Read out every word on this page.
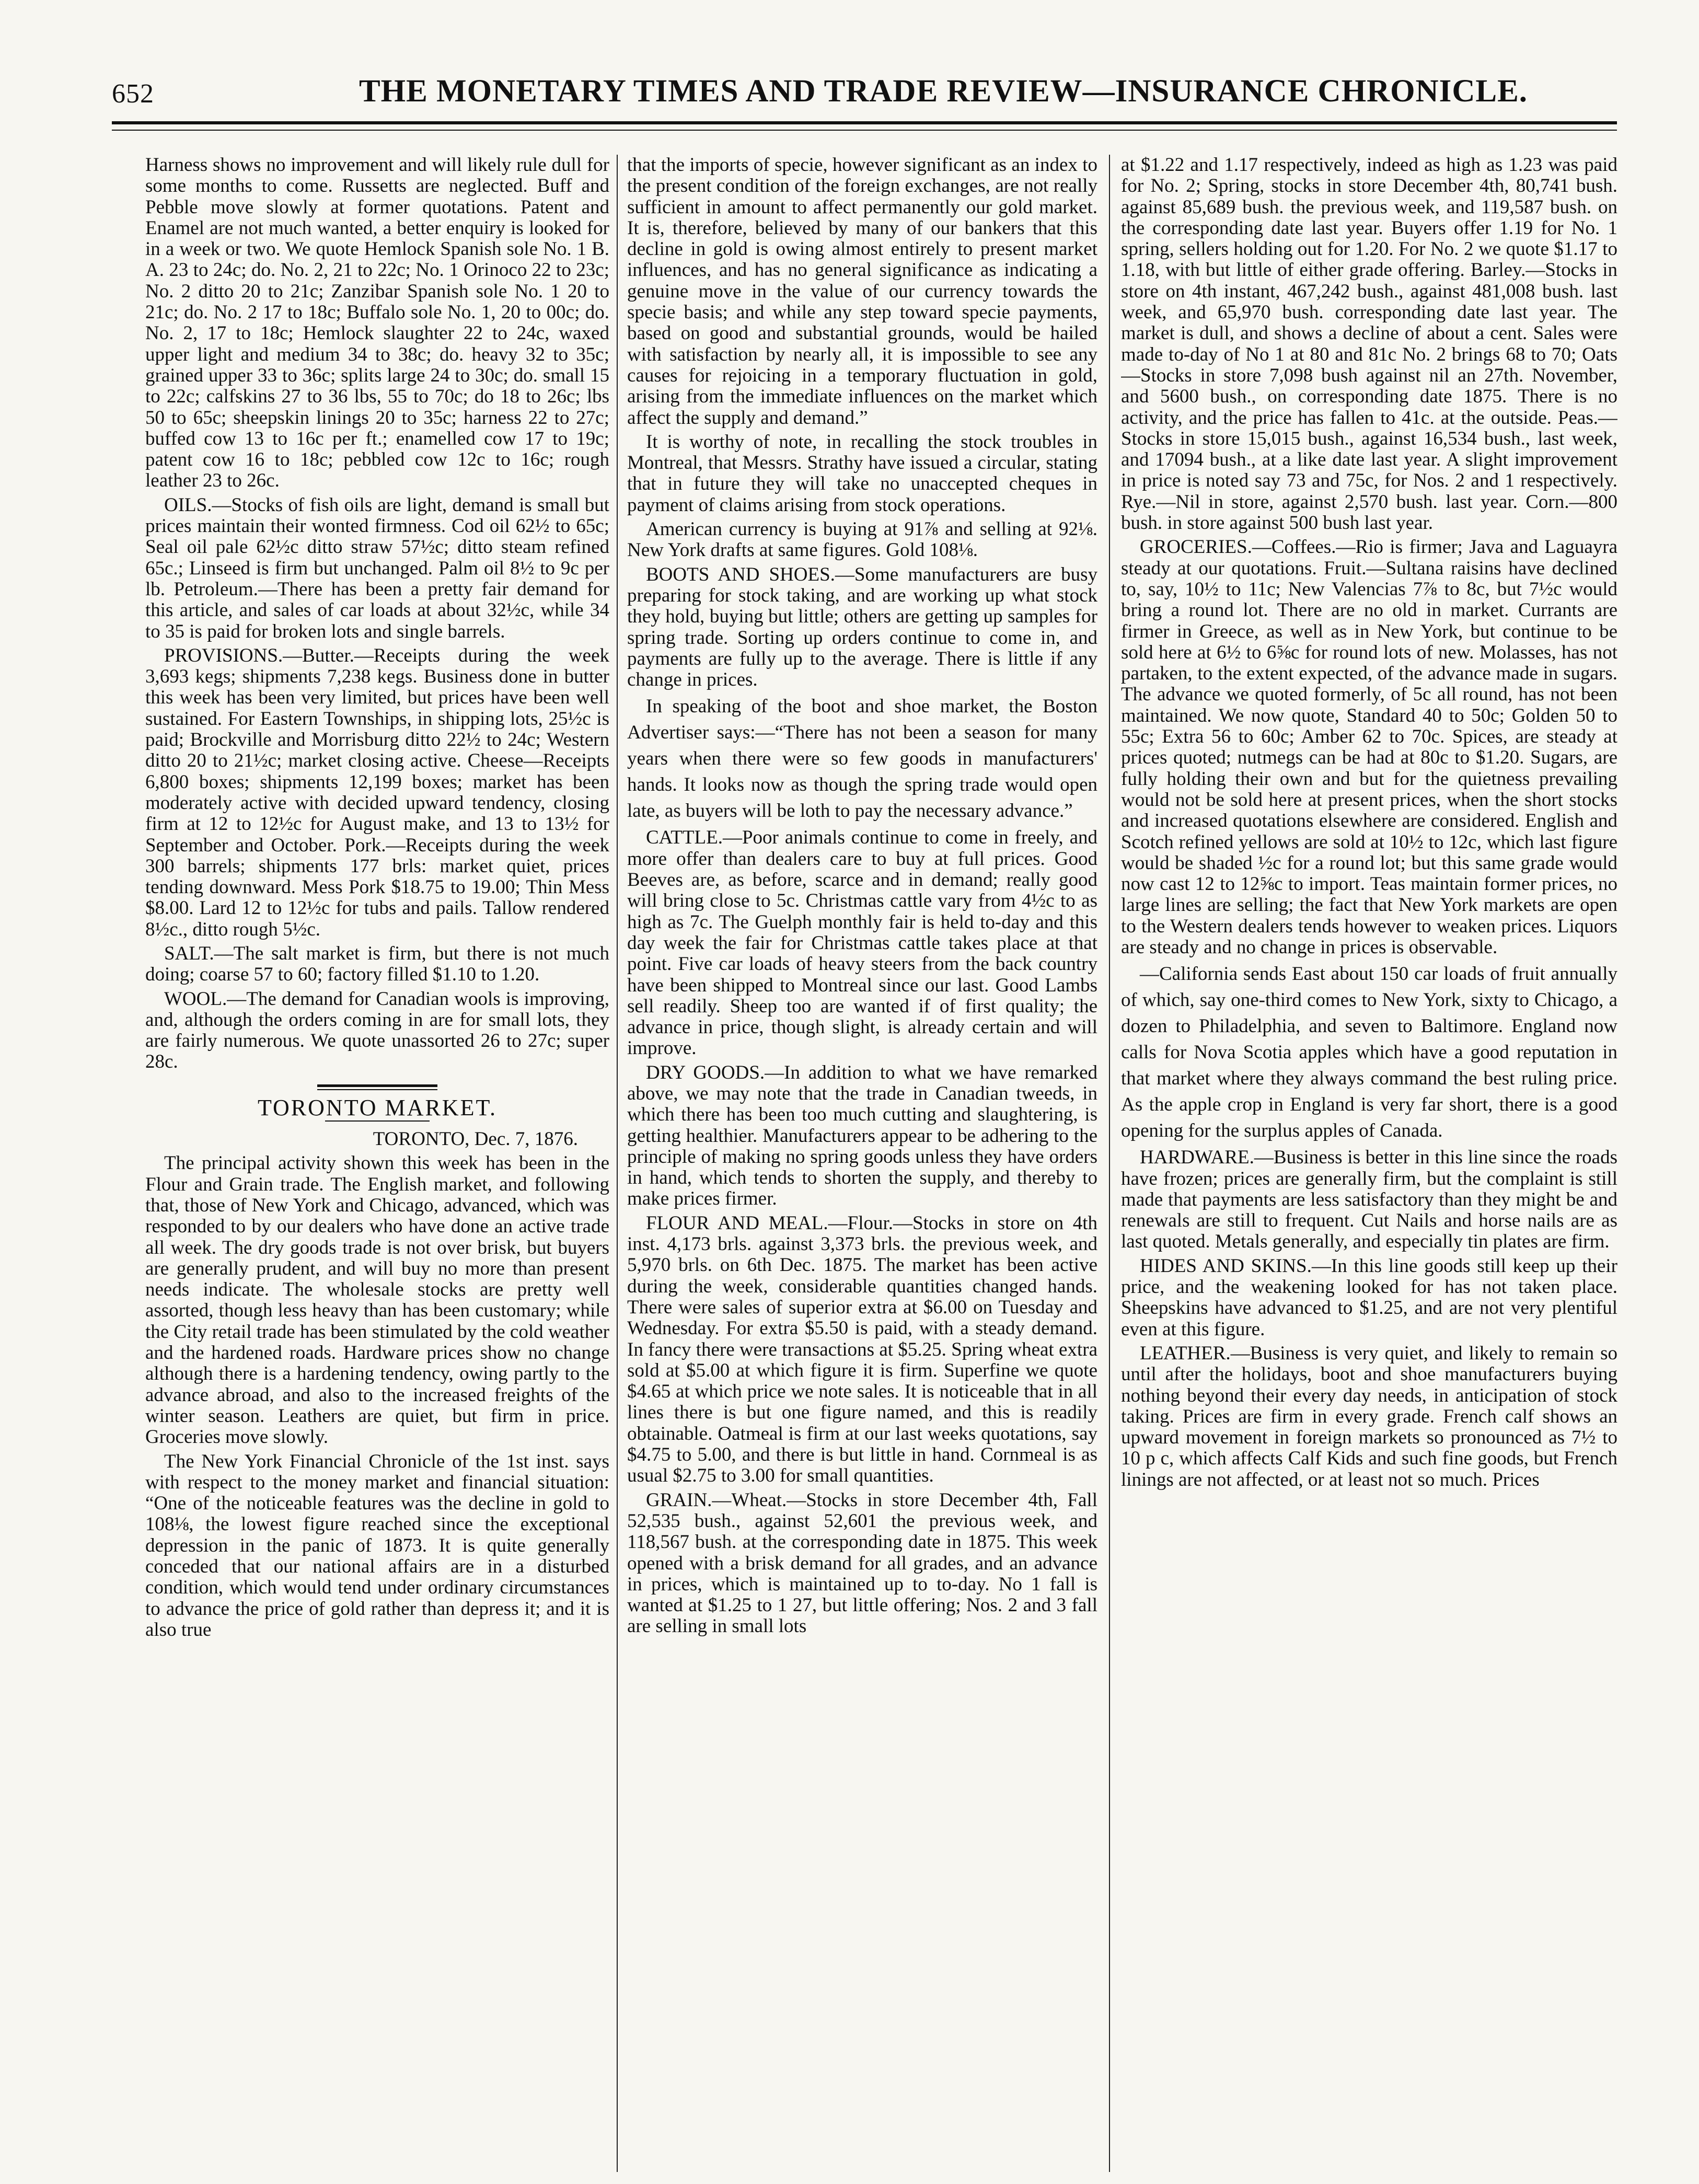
652	THE MONETARY TIMES AND TRADE REVIEW—INSURANCE CHRONICLE.

Harness shows no improvement and will likely rule dull for some months to come. Russetts are neglected. Buff and Pebble move slowly at former quotations. Patent and Enamel are not much wanted, a better enquiry is looked for in a week or two. We quote Hemlock Spanish sole No. 1 B. A. 23 to 24c; do. No. 2, 21 to 22c; No. 1 Orinoco 22 to 23c; No. 2 ditto 20 to 21c; Zanzibar Spanish sole No. 1 20 to 21c; do. No. 2 17 to 18c; Buffalo sole No. 1, 20 to 00c; do. No. 2, 17 to 18c; Hemlock slaughter 22 to 24c, waxed upper light and medium 34 to 38c; do. heavy 32 to 35c; grained upper 33 to 36c; splits large 24 to 30c; do. small 15 to 22c; calfskins 27 to 36 lbs, 55 to 70c; do 18 to 26c; lbs 50 to 65c; sheepskin linings 20 to 35c; harness 22 to 27c; buffed cow 13 to 16c per ft.; enamelled cow 17 to 19c; patent cow 16 to 18c; pebbled cow 12c to 16c; rough leather 23 to 26c.

OILS.—Stocks of fish oils are light, demand is small but prices maintain their wonted firmness. Cod oil 62½ to 65c; Seal oil pale 62½c ditto straw 57½c; ditto steam refined 65c.; Linseed is firm but unchanged. Palm oil 8½ to 9c per lb. Petroleum.—There has been a pretty fair demand for this article, and sales of car loads at about 32½c, while 34 to 35 is paid for broken lots and single barrels.

PROVISIONS.—Butter.—Receipts during the week 3,693 kegs; shipments 7,238 kegs. Business done in butter this week has been very limited, but prices have been well sustained. For Eastern Townships, in shipping lots, 25½c is paid; Brockville and Morrisburg ditto 22½ to 24c; Western ditto 20 to 21½c; market closing active. Cheese—Receipts 6,800 boxes; shipments 12,199 boxes; market has been moderately active with decided upward tendency, closing firm at 12 to 12½c for August make, and 13 to 13½ for September and October. Pork.—Receipts during the week 300 barrels; shipments 177 brls: market quiet, prices tending downward. Mess Pork $18.75 to 19.00; Thin Mess $8.00. Lard 12 to 12½c for tubs and pails. Tallow rendered 8½c., ditto rough 5½c.

SALT.—The salt market is firm, but there is not much doing; coarse 57 to 60; factory filled $1.10 to 1.20.

WOOL.—The demand for Canadian wools is improving, and, although the orders coming in are for small lots, they are fairly numerous. We quote unassorted 26 to 27c; super 28c.

TORONTO MARKET.
TORONTO, Dec. 7, 1876.

The principal activity shown this week has been in the Flour and Grain trade. The English market, and following that, those of New York and Chicago, advanced, which was responded to by our dealers who have done an active trade all week. The dry goods trade is not over brisk, but buyers are generally prudent, and will buy no more than present needs indicate. The wholesale stocks are pretty well assorted, though less heavy than has been customary; while the City retail trade has been stimulated by the cold weather and the hardened roads. Hardware prices show no change although there is a hardening tendency, owing partly to the advance abroad, and also to the increased freights of the winter season. Leathers are quiet, but firm in price. Groceries move slowly.

The New York Financial Chronicle of the 1st inst. says with respect to the money market and financial situation: “One of the noticeable features was the decline in gold to 108⅛, the lowest figure reached since the exceptional depression in the panic of 1873. It is quite generally conceded that our national affairs are in a disturbed condition, which would tend under ordinary circumstances to advance the price of gold rather than depress it; and it is also true

that the imports of specie, however significant as an index to the present condition of the foreign exchanges, are not really sufficient in amount to affect permanently our gold market. It is, therefore, believed by many of our bankers that this decline in gold is owing almost entirely to present market influences, and has no general significance as indicating a genuine move in the value of our currency towards the specie basis; and while any step toward specie payments, based on good and substantial grounds, would be hailed with satisfaction by nearly all, it is impossible to see any causes for rejoicing in a temporary fluctuation in gold, arising from the immediate influences on the market which affect the supply and demand.”

It is worthy of note, in recalling the stock troubles in Montreal, that Messrs. Strathy have issued a circular, stating that in future they will take no unaccepted cheques in payment of claims arising from stock operations.

American currency is buying at 91⅞ and selling at 92⅛. New York drafts at same figures. Gold 108⅛.

BOOTS AND SHOES.—Some manufacturers are busy preparing for stock taking, and are working up what stock they hold, buying but little; others are getting up samples for spring trade. Sorting up orders continue to come in, and payments are fully up to the average. There is little if any change in prices.

In speaking of the boot and shoe market, the Boston Advertiser says:—“There has not been a season for many years when there were so few goods in manufacturers' hands. It looks now as though the spring trade would open late, as buyers will be loth to pay the necessary advance.”

CATTLE.—Poor animals continue to come in freely, and more offer than dealers care to buy at full prices. Good Beeves are, as before, scarce and in demand; really good will bring close to 5c. Christmas cattle vary from 4½c to as high as 7c. The Guelph monthly fair is held to-day and this day week the fair for Christmas cattle takes place at that point. Five car loads of heavy steers from the back country have been shipped to Montreal since our last. Good Lambs sell readily. Sheep too are wanted if of first quality; the advance in price, though slight, is already certain and will improve.

DRY GOODS.—In addition to what we have remarked above, we may note that the trade in Canadian tweeds, in which there has been too much cutting and slaughtering, is getting healthier. Manufacturers appear to be adhering to the principle of making no spring goods unless they have orders in hand, which tends to shorten the supply, and thereby to make prices firmer.

FLOUR AND MEAL.—Flour.—Stocks in store on 4th inst. 4,173 brls. against 3,373 brls. the previous week, and 5,970 brls. on 6th Dec. 1875. The market has been active during the week, considerable quantities changed hands. There were sales of superior extra at $6.00 on Tuesday and Wednesday. For extra $5.50 is paid, with a steady demand. In fancy there were transactions at $5.25. Spring wheat extra sold at $5.00 at which figure it is firm. Superfine we quote $4.65 at which price we note sales. It is noticeable that in all lines there is but one figure named, and this is readily obtainable. Oatmeal is firm at our last weeks quotations, say $4.75 to 5.00, and there is but little in hand. Cornmeal is as usual $2.75 to 3.00 for small quantities.

GRAIN.—Wheat.—Stocks in store December 4th, Fall 52,535 bush., against 52,601 the previous week, and 118,567 bush. at the corresponding date in 1875. This week opened with a brisk demand for all grades, and an advance in prices, which is maintained up to to-day. No 1 fall is wanted at $1.25 to 1 27, but little offering; Nos. 2 and 3 fall are selling in small lots

at $1.22 and 1.17 respectively, indeed as high as 1.23 was paid for No. 2; Spring, stocks in store December 4th, 80,741 bush. against 85,689 bush. the previous week, and 119,587 bush. on the corresponding date last year. Buyers offer 1.19 for No. 1 spring, sellers holding out for 1.20. For No. 2 we quote $1.17 to 1.18, with but little of either grade offering. Barley.—Stocks in store on 4th instant, 467,242 bush., against 481,008 bush. last week, and 65,970 bush. corresponding date last year. The market is dull, and shows a decline of about a cent. Sales were made to-day of No 1 at 80 and 81c No. 2 brings 68 to 70; Oats—Stocks in store 7,098 bush against nil an 27th. November, and 5600 bush., on corresponding date 1875. There is no activity, and the price has fallen to 41c. at the outside. Peas.—Stocks in store 15,015 bush., against 16,534 bush., last week, and 17094 bush., at a like date last year. A slight improvement in price is noted say 73 and 75c, for Nos. 2 and 1 respectively. Rye.—Nil in store, against 2,570 bush. last year. Corn.—800 bush. in store against 500 bush last year.

GROCERIES.—Coffees.—Rio is firmer; Java and Laguayra steady at our quotations. Fruit.—Sultana raisins have declined to, say, 10½ to 11c; New Valencias 7⅞ to 8c, but 7½c would bring a round lot. There are no old in market. Currants are firmer in Greece, as well as in New York, but continue to be sold here at 6½ to 6⅝c for round lots of new. Molasses, has not partaken, to the extent expected, of the advance made in sugars. The advance we quoted formerly, of 5c all round, has not been maintained. We now quote, Standard 40 to 50c; Golden 50 to 55c; Extra 56 to 60c; Amber 62 to 70c. Spices, are steady at prices quoted; nutmegs can be had at 80c to $1.20. Sugars, are fully holding their own and but for the quietness prevailing would not be sold here at present prices, when the short stocks and increased quotations elsewhere are considered. English and Scotch refined yellows are sold at 10½ to 12c, which last figure would be shaded ½c for a round lot; but this same grade would now cast 12 to 12⅝c to import. Teas maintain former prices, no large lines are selling; the fact that New York markets are open to the Western dealers tends however to weaken prices. Liquors are steady and no change in prices is observable.

—California sends East about 150 car loads of fruit annually of which, say one-third comes to New York, sixty to Chicago, a dozen to Philadelphia, and seven to Baltimore. England now calls for Nova Scotia apples which have a good reputation in that market where they always command the best ruling price. As the apple crop in England is very far short, there is a good opening for the surplus apples of Canada.

HARDWARE.—Business is better in this line since the roads have frozen; prices are generally firm, but the complaint is still made that payments are less satisfactory than they might be and renewals are still to frequent. Cut Nails and horse nails are as last quoted. Metals generally, and especially tin plates are firm.

HIDES AND SKINS.—In this line goods still keep up their price, and the weakening looked for has not taken place. Sheepskins have advanced to $1.25, and are not very plentiful even at this figure.

LEATHER.—Business is very quiet, and likely to remain so until after the holidays, boot and shoe manufacturers buying nothing beyond their every day needs, in anticipation of stock taking. Prices are firm in every grade. French calf shows an upward movement in foreign markets so pronounced as 7½ to 10 p c, which affects Calf Kids and such fine goods, but French linings are not affected, or at least not so much. Prices
